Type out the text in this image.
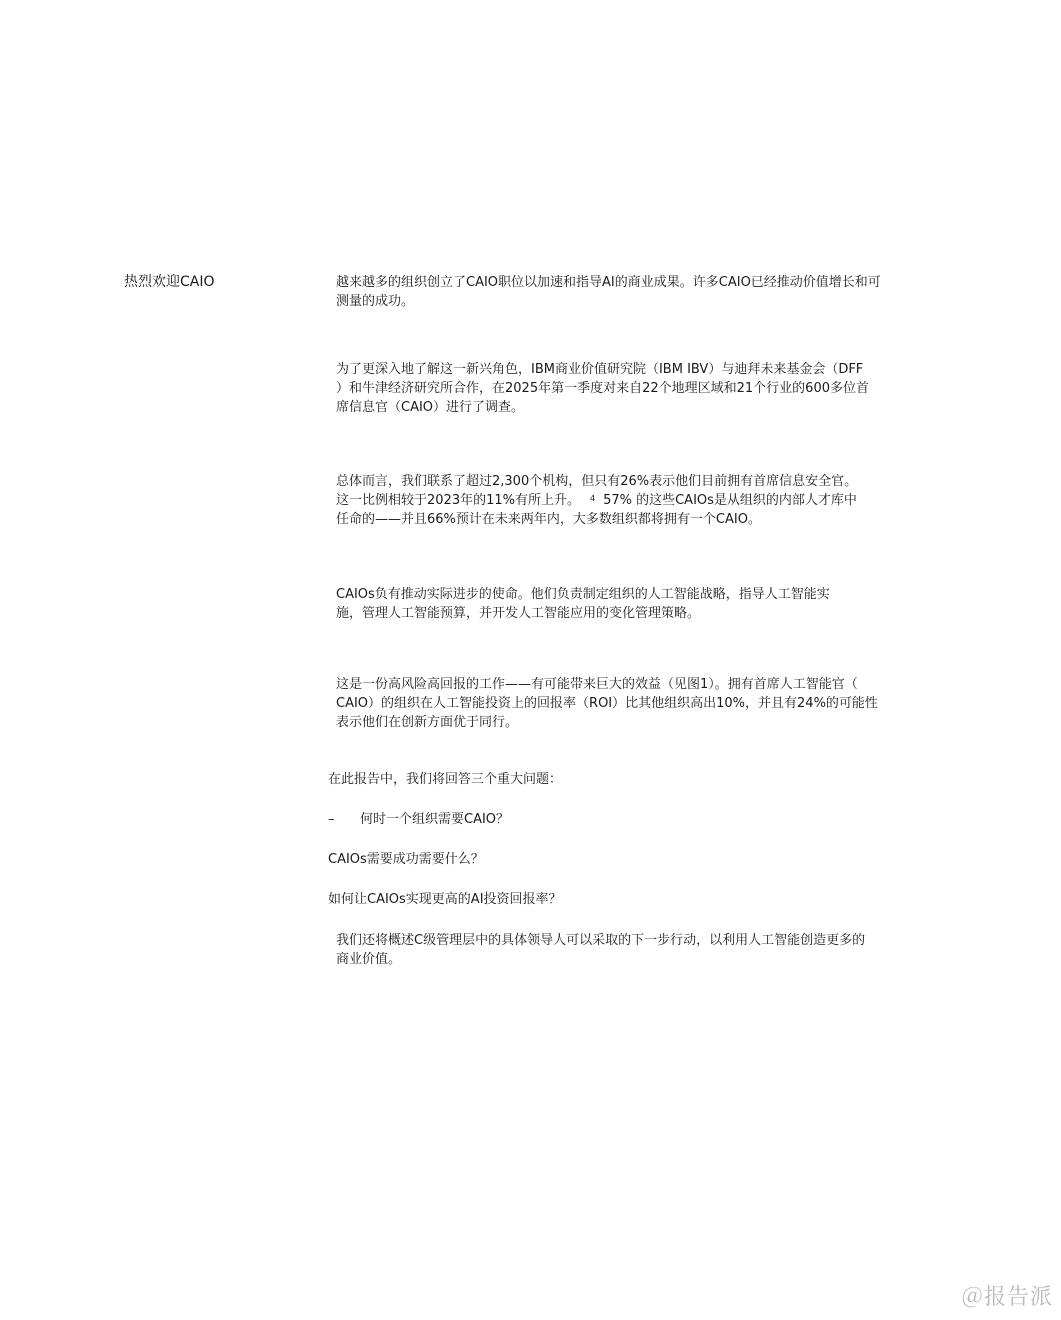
热烈欢迎CAIO	越来越多的组织创立了CAIO职位以加速和指导AI的商业成果。许多CAIO已经推动价值增长和可
测量的成功。

为了更深入地了解这一新兴角色，IBM商业价值研究院（IBM IBV）与迪拜未来基金会（DFF
）和牛津经济研究所合作，在2025年第一季度对来自22个地理区域和21个行业的600多位首
席信息官（CAIO）进行了调查。

总体而言，我们联系了超过2,300个机构，但只有26%表示他们目前拥有首席信息安全官。
这一比例相较于2023年的11%有所上升。 $^4$ 57% 的这些CAIOs是从组织的内部人才库中
任命的——并且66%预计在未来两年内，大多数组织都将拥有一个CAIO。

CAIOs负有推动实际进步的使命。他们负责制定组织的人工智能战略，指导人工智能实
施，管理人工智能预算，并开发人工智能应用的变化管理策略。

这是一份高风险高回报的工作——有可能带来巨大的效益（见图1）。拥有首席人工智能官（
CAIO）的组织在人工智能投资上的回报率（ROI）比其他组织高出10%，并且有24%的可能性
表示他们在创新方面优于同行。

在此报告中，我们将回答三个重大问题：

– 何时一个组织需要CAIO？

CAIOs需要成功需要什么？

如何让CAIOs实现更高的AI投资回报率？

我们还将概述C级管理层中的具体领导人可以采取的下一步行动，以利用人工智能创造更多的
商业价值。

＠报告派
